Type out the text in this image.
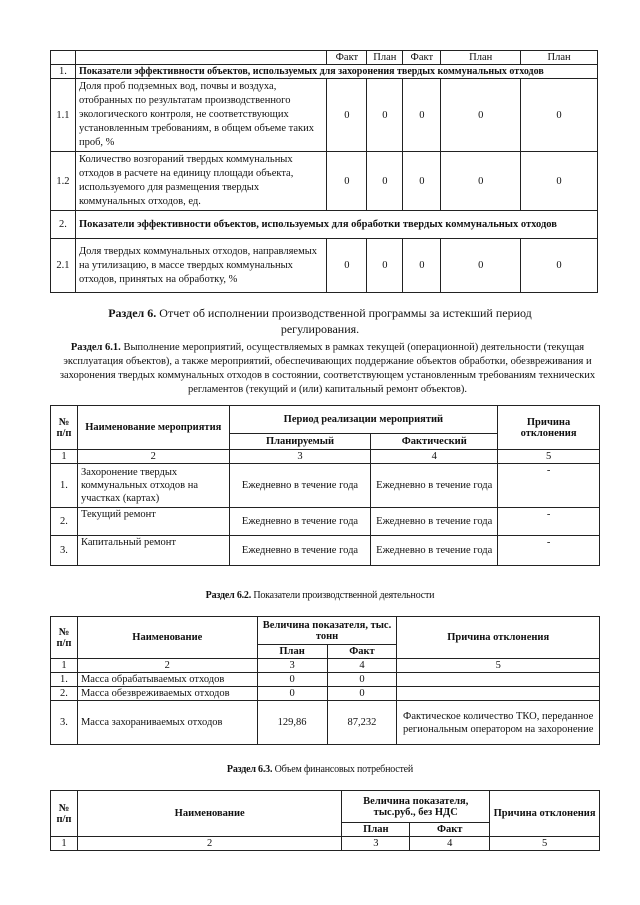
		Факт	План	Факт	План	План
1.	Показатели эффективности объектов, используемых для захоронения твердых коммунальных отходов					
1.1	Доля проб подземных вод, почвы и воздуха, отобранных по результатам производственного экологического контроля, не соответствующих установленным требованиям, в общем объеме таких проб, %	0	0	0	0	0
1.2	Количество возгораний твердых коммунальных отходов в расчете на единицу площади объекта, используемого для размещения твердых коммунальных отходов, ед.	0	0	0	0	0
2.	Показатели эффективности объектов, используемых для обработки твердых коммунальных отходов					
2.1	Доля твердых коммунальных отходов, направляемых на утилизацию, в массе твердых коммунальных отходов, принятых на обработку, %	0	0	0	0	0
Раздел 6. Отчет об исполнении производственной программы за истекший период регулирования.
Раздел 6.1. Выполнение мероприятий, осуществляемых в рамках текущей (операционной) деятельности (текущая эксплуатация объектов), а также мероприятий, обеспечивающих поддержание объектов обработки, обезвреживания и захоронения твердых коммунальных отходов в состоянии, соответствующем установленным требованиям технических регламентов (текущий и (или) капитальный ремонт объектов).
№ п/п	Наименование мероприятия	Период реализации мероприятий		Причина отклонения
		Планируемый	Фактический	
1	2	3	4	5
1.	Захоронение твердых коммунальных отходов на участках (картах)	Ежедневно в течение года	Ежедневно в течение года	-
2.	Текущий ремонт	Ежедневно в течение года	Ежедневно в течение года	-
3.	Капитальный ремонт	Ежедневно в течение года	Ежедневно в течение года	-
Раздел 6.2. Показатели производственной деятельности
№ п/п	Наименование	Величина показателя, тыс. тонн		Причина отклонения
		План	Факт	
1	2	3	4	5
1.	Масса обрабатываемых отходов	0	0	
2.	Масса обезвреживаемых отходов	0	0	
3.	Масса захораниваемых отходов	129,86	87,232	Фактическое количество ТКО, переданное региональным оператором на захоронение
Раздел 6.3. Объем финансовых потребностей
№ п/п	Наименование	Величина показателя, тыс.руб., без НДС		Причина отклонения
		План	Факт	
1	2	3	4	5
